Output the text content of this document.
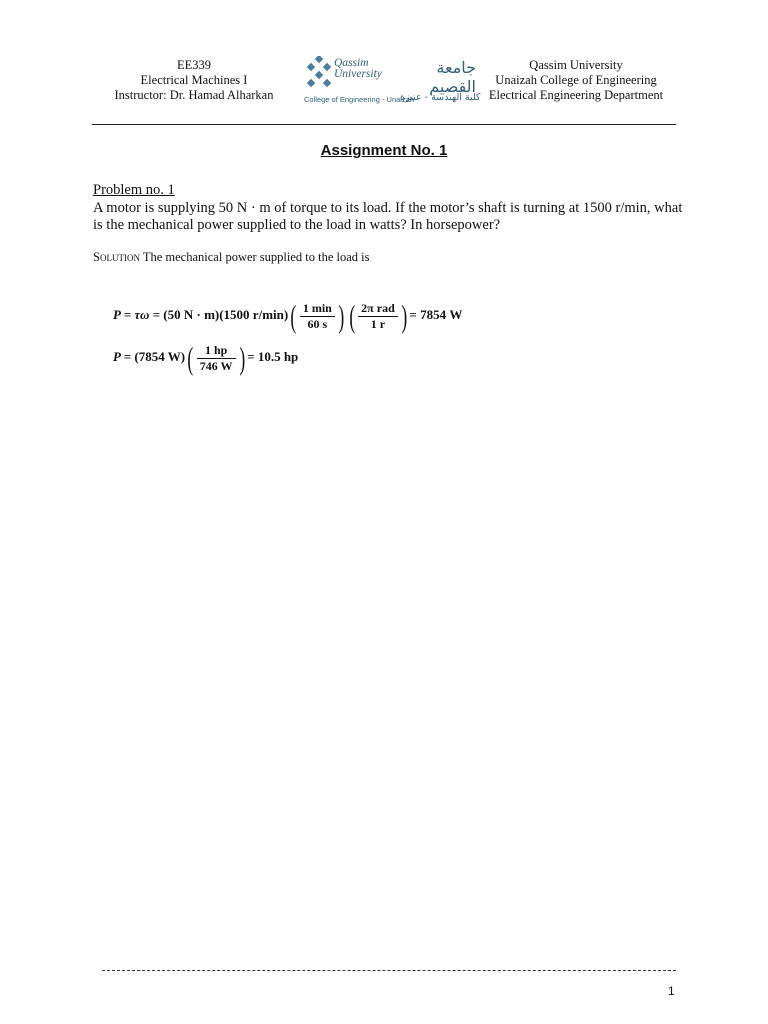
EE339
Electrical Machines I
Instructor: Dr. Hamad Alharkan
Qassim
University	جامعة القصيم
College of Engineering - Unaizah
كلية الهندسة - عنيزة
Qassim University
Unaizah College of Engineering
Electrical Engineering Department
Assignment No. 1
Problem no. 1
A motor is supplying 50 N · m of torque to its load. If the motor’s shaft is turning at 1500 r/min, what is the mechanical power supplied to the load in watts? In horsepower?
Solution The mechanical power supplied to the load is
P = τω = (50 N · m)(1500 $r/\min)( \frac{1 \min}{60 s}$ ) ( $\frac{\text{2π rad}}{1 r}$ ) = 7854 W
P = (7854 $W)( \frac{1 hp}{746 W}$ ) = 10.5 hp
1
